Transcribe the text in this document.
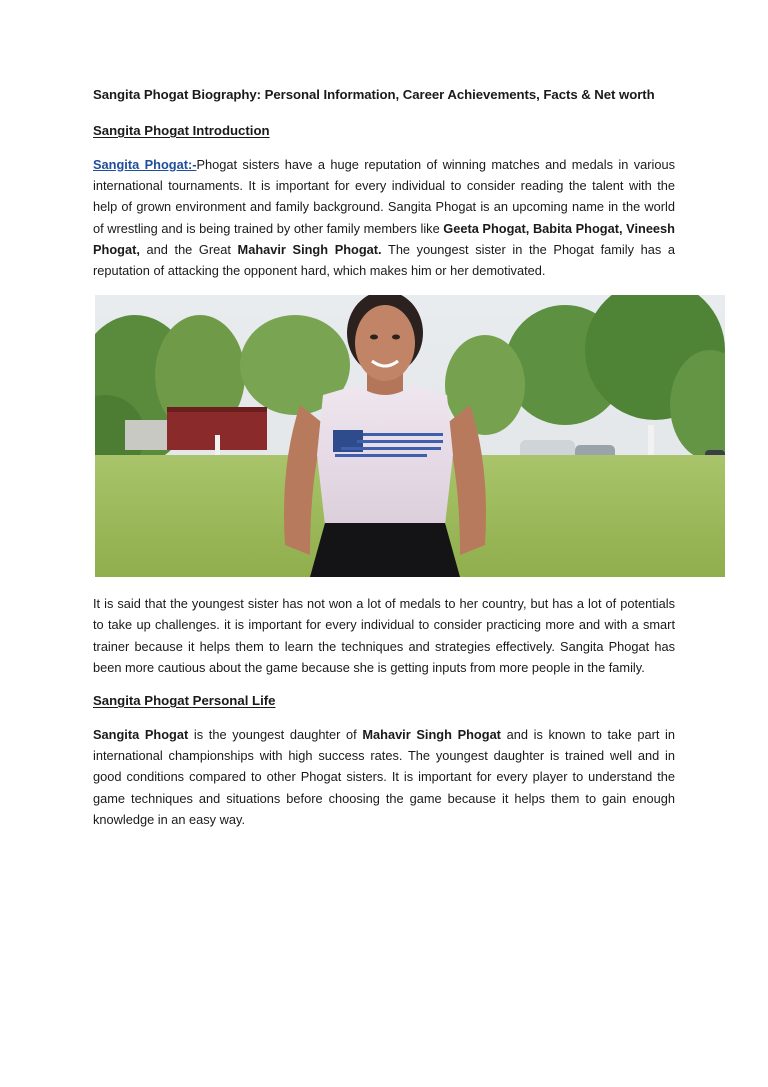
Sangita Phogat Biography: Personal Information, Career Achievements, Facts & Net worth

Sangita Phogat Introduction

Sangita Phogat:-Phogat sisters have a huge reputation of winning matches and medals in various international tournaments. It is important for every individual to consider reading the talent with the help of grown environment and family background. Sangita Phogat is an upcoming name in the world of wrestling and is being trained by other family members like Geeta Phogat, Babita Phogat, Vineesh Phogat, and the Great Mahavir Singh Phogat. The youngest sister in the Phogat family has a reputation of attacking the opponent hard, which makes him or her demotivated.

It is said that the youngest sister has not won a lot of medals to her country, but has a lot of potentials to take up challenges. it is important for every individual to consider practicing more and with a smart trainer because it helps them to learn the techniques and strategies effectively. Sangita Phogat has been more cautious about the game because she is getting inputs from more people in the family.

Sangita Phogat Personal Life

Sangita Phogat is the youngest daughter of Mahavir Singh Phogat and is known to take part in international championships with high success rates. The youngest daughter is trained well and in good conditions compared to other Phogat sisters. It is important for every player to understand the game techniques and situations before choosing the game because it helps them to gain enough knowledge in an easy way.
